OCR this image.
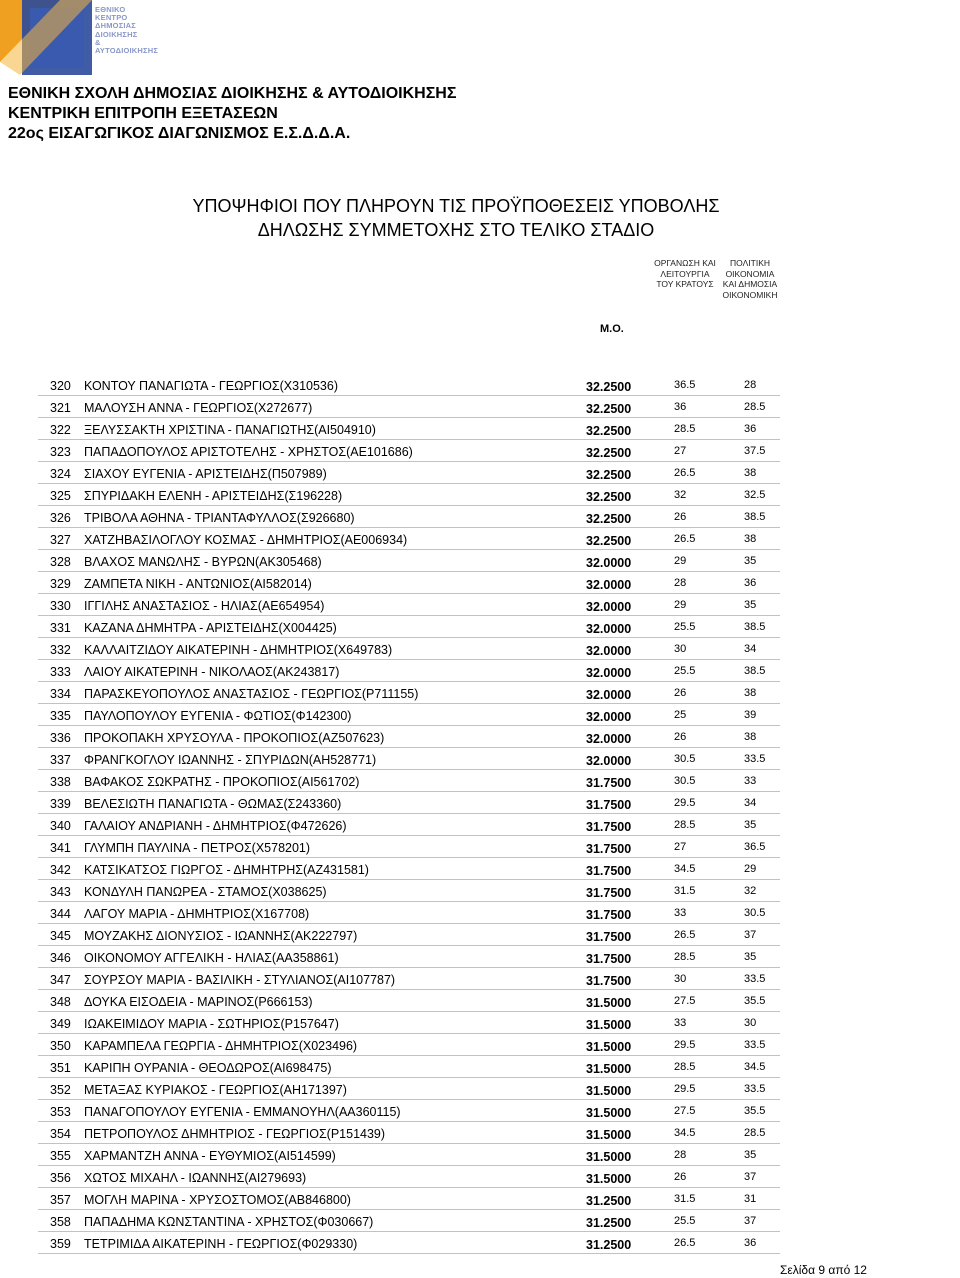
ΕΘΝΙΚΟ
ΚΕΝΤΡΟ
ΔΗΜΟΣΙΑΣ
ΔΙΟΙΚΗΣΗΣ
&
ΑΥΤΟΔΙΟΙΚΗΣΗΣ
ΕΘΝΙΚΗ ΣΧΟΛΗ ΔΗΜΟΣΙΑΣ ΔΙΟΙΚΗΣΗΣ & ΑΥΤΟΔΙΟΙΚΗΣΗΣ
ΚΕΝΤΡΙΚΗ ΕΠΙΤΡΟΠΗ ΕΞΕΤΑΣΕΩΝ
22ος ΕΙΣΑΓΩΓΙΚΟΣ ΔΙΑΓΩΝΙΣΜΟΣ Ε.Σ.Δ.Δ.Α.
ΥΠΟΨΗΦΙΟΙ ΠΟΥ ΠΛΗΡΟΥΝ ΤΙΣ ΠΡΟΫΠΟΘΕΣΕΙΣ ΥΠΟΒΟΛΗΣ
ΔΗΛΩΣΗΣ ΣΥΜΜΕΤΟΧΗΣ ΣΤΟ ΤΕΛΙΚΟ ΣΤΑΔΙΟ
ΟΡΓΑΝΩΣΗ ΚΑΙ
ΛΕΙΤΟΥΡΓΙΑ
ΤΟΥ ΚΡΑΤΟΥΣ
ΠΟΛΙΤΙΚΗ
ΟΙΚΟΝΟΜΙΑ
ΚΑΙ ΔΗΜΟΣΙΑ
ΟΙΚΟΝΟΜΙΚΗ
Μ.Ο.
320 ΚΟΝΤΟΥ ΠΑΝΑΓΙΩΤΑ - ΓΕΩΡΓΙΟΣ(Χ310536)	32.2500	36.5	28
321 ΜΑΛΟΥΣΗ ΑΝΝΑ - ΓΕΩΡΓΙΟΣ(Χ272677)	32.2500	36	28.5
322 ΞΕΛΥΣΣΑΚΤΗ ΧΡΙΣΤΙΝΑ - ΠΑΝΑΓΙΩΤΗΣ(ΑΙ504910)	32.2500	28.5	36
323 ΠΑΠΑΔΟΠΟΥΛΟΣ ΑΡΙΣΤΟΤΕΛΗΣ - ΧΡΗΣΤΟΣ(ΑΕ101686)	32.2500	27	37.5
324 ΣΙΑΧΟΥ ΕΥΓΕΝΙΑ - ΑΡΙΣΤΕΙΔΗΣ(Π507989)	32.2500	26.5	38
325 ΣΠΥΡΙΔΑΚΗ ΕΛΕΝΗ - ΑΡΙΣΤΕΙΔΗΣ(Σ196228)	32.2500	32	32.5
326 ΤΡΙΒΟΛΑ ΑΘΗΝΑ - ΤΡΙΑΝΤΑΦΥΛΛΟΣ(Σ926680)	32.2500	26	38.5
327 ΧΑΤΖΗΒΑΣΙΛΟΓΛΟΥ ΚΟΣΜΑΣ - ΔΗΜΗΤΡΙΟΣ(ΑΕ006934)	32.2500	26.5	38
328 ΒΛΑΧΟΣ ΜΑΝΩΛΗΣ - ΒΥΡΩΝ(ΑΚ305468)	32.0000	29	35
329 ΖΑΜΠΕΤΑ ΝΙΚΗ - ΑΝΤΩΝΙΟΣ(ΑΙ582014)	32.0000	28	36
330 ΙΓΓΙΛΗΣ ΑΝΑΣΤΑΣΙΟΣ - ΗΛΙΑΣ(ΑΕ654954)	32.0000	29	35
331 ΚΑΖΑΝΑ ΔΗΜΗΤΡΑ - ΑΡΙΣΤΕΙΔΗΣ(Χ004425)	32.0000	25.5	38.5
332 ΚΑΛΛΑΙΤΖΙΔΟΥ ΑΙΚΑΤΕΡΙΝΗ - ΔΗΜΗΤΡΙΟΣ(Χ649783)	32.0000	30	34
333 ΛΑΙΟΥ ΑΙΚΑΤΕΡΙΝΗ - ΝΙΚΟΛΑΟΣ(ΑΚ243817)	32.0000	25.5	38.5
334 ΠΑΡΑΣΚΕΥΟΠΟΥΛΟΣ ΑΝΑΣΤΑΣΙΟΣ - ΓΕΩΡΓΙΟΣ(Ρ711155)	32.0000	26	38
335 ΠΑΥΛΟΠΟΥΛΟΥ ΕΥΓΕΝΙΑ - ΦΩΤΙΟΣ(Φ142300)	32.0000	25	39
336 ΠΡΟΚΟΠΑΚΗ ΧΡΥΣΟΥΛΑ - ΠΡΟΚΟΠΙΟΣ(ΑΖ507623)	32.0000	26	38
337 ΦΡΑΝΓΚΟΓΛΟΥ ΙΩΑΝΝΗΣ - ΣΠΥΡΙΔΩΝ(ΑΗ528771)	32.0000	30.5	33.5
338 ΒΑΦΑΚΟΣ ΣΩΚΡΑΤΗΣ - ΠΡΟΚΟΠΙΟΣ(ΑΙ561702)	31.7500	30.5	33
339 ΒΕΛΕΣΙΩΤΗ ΠΑΝΑΓΙΩΤΑ - ΘΩΜΑΣ(Σ243360)	31.7500	29.5	34
340 ΓΑΛΑΙΟΥ ΑΝΔΡΙΑΝΗ - ΔΗΜΗΤΡΙΟΣ(Φ472626)	31.7500	28.5	35
341 ΓΛΥΜΠΗ ΠΑΥΛΙΝΑ - ΠΕΤΡΟΣ(Χ578201)	31.7500	27	36.5
342 ΚΑΤΣΙΚΑΤΣΟΣ ΓΙΩΡΓΟΣ - ΔΗΜΗΤΡΗΣ(ΑΖ431581)	31.7500	34.5	29
343 ΚΟΝΔΥΛΗ ΠΑΝΩΡΕΑ - ΣΤΑΜΟΣ(Χ038625)	31.7500	31.5	32
344 ΛΑΓΟΥ ΜΑΡΙΑ - ΔΗΜΗΤΡΙΟΣ(Χ167708)	31.7500	33	30.5
345 ΜΟΥΖΑΚΗΣ ΔΙΟΝΥΣΙΟΣ - ΙΩΑΝΝΗΣ(ΑΚ222797)	31.7500	26.5	37
346 ΟΙΚΟΝΟΜΟΥ ΑΓΓΕΛΙΚΗ - ΗΛΙΑΣ(ΑΑ358861)	31.7500	28.5	35
347 ΣΟΥΡΣΟΥ ΜΑΡΙΑ - ΒΑΣΙΛΙΚΗ - ΣΤΥΛΙΑΝΟΣ(ΑΙ107787)	31.7500	30	33.5
348 ΔΟΥΚΑ ΕΙΣΟΔΕΙΑ - ΜΑΡΙΝΟΣ(Ρ666153)	31.5000	27.5	35.5
349 ΙΩΑΚΕΙΜΙΔΟΥ ΜΑΡΙΑ - ΣΩΤΗΡΙΟΣ(Ρ157647)	31.5000	33	30
350 ΚΑΡΑΜΠΕΛΑ ΓΕΩΡΓΙΑ - ΔΗΜΗΤΡΙΟΣ(Χ023496)	31.5000	29.5	33.5
351 ΚΑΡΙΠΗ ΟΥΡΑΝΙΑ - ΘΕΟΔΩΡΟΣ(ΑΙ698475)	31.5000	28.5	34.5
352 ΜΕΤΑΞΑΣ ΚΥΡΙΑΚΟΣ - ΓΕΩΡΓΙΟΣ(ΑΗ171397)	31.5000	29.5	33.5
353 ΠΑΝΑΓΟΠΟΥΛΟΥ ΕΥΓΕΝΙΑ - ΕΜΜΑΝΟΥΗΛ(ΑΑ360115)	31.5000	27.5	35.5
354 ΠΕΤΡΟΠΟΥΛΟΣ ΔΗΜΗΤΡΙΟΣ - ΓΕΩΡΓΙΟΣ(Ρ151439)	31.5000	34.5	28.5
355 ΧΑΡΜΑΝΤΖΗ ΑΝΝΑ - ΕΥΘΥΜΙΟΣ(ΑΙ514599)	31.5000	28	35
356 ΧΩΤΟΣ ΜΙΧΑΗΛ - ΙΩΑΝΝΗΣ(ΑΙ279693)	31.5000	26	37
357 ΜΟΓΛΗ ΜΑΡΙΝΑ - ΧΡΥΣΟΣΤΟΜΟΣ(ΑΒ846800)	31.2500	31.5	31
358 ΠΑΠΑΔΗΜΑ ΚΩΝΣΤΑΝΤΙΝΑ - ΧΡΗΣΤΟΣ(Φ030667)	31.2500	25.5	37
359 ΤΕΤΡΙΜΙΔΑ ΑΙΚΑΤΕΡΙΝΗ - ΓΕΩΡΓΙΟΣ(Φ029330)	31.2500	26.5	36
Σελίδα 9 από 12
